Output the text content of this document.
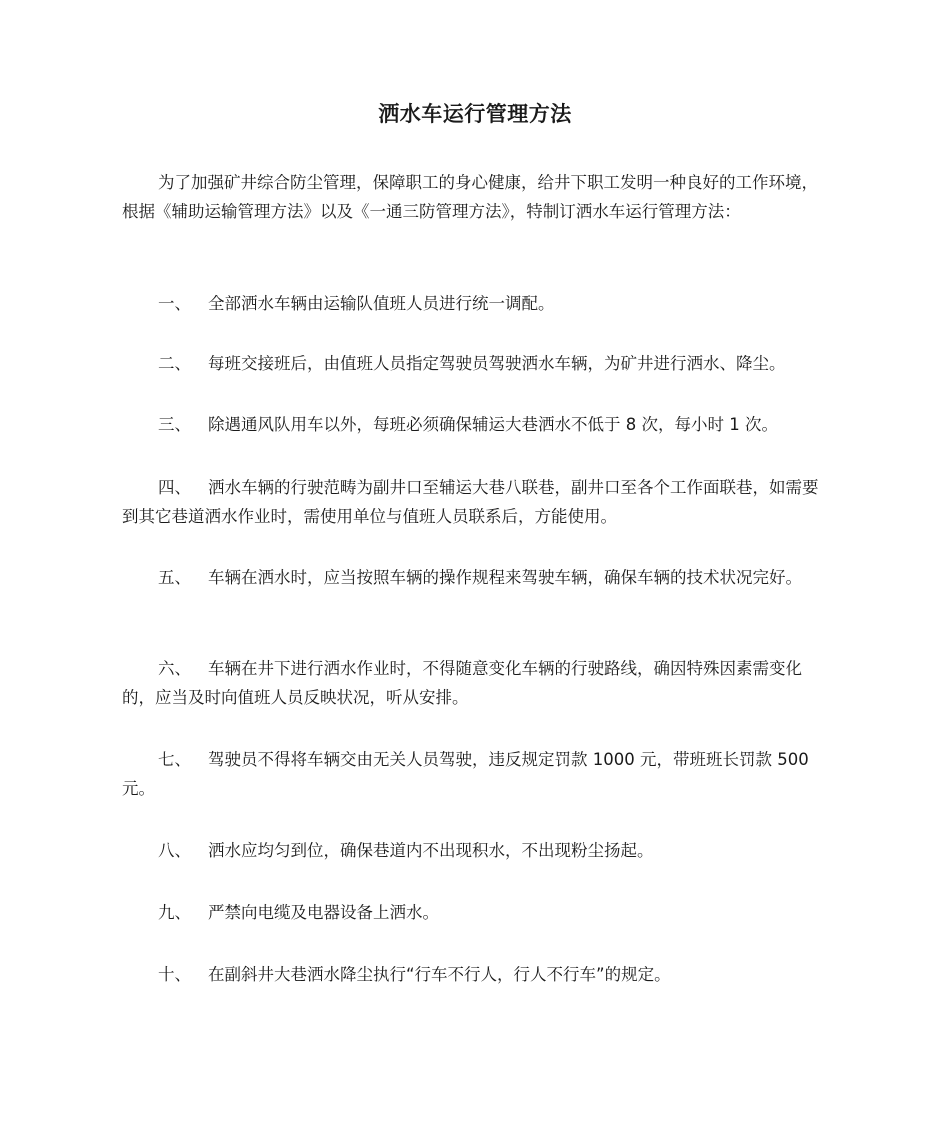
洒水车运行管理方法

为了加强矿井综合防尘管理，保障职工的身心健康，给井下职工发明一种良好的工作环境，根据《辅助运输管理方法》以及《一通三防管理方法》，特制订洒水车运行管理方法：

一、 全部洒水车辆由运输队值班人员进行统一调配。

二、 每班交接班后，由值班人员指定驾驶员驾驶洒水车辆，为矿井进行洒水、降尘。

三、 除遇通风队用车以外，每班必须确保辅运大巷洒水不低于 8 次，每小时 1 次。

四、 洒水车辆的行驶范畴为副井口至辅运大巷八联巷，副井口至各个工作面联巷，如需要到其它巷道洒水作业时，需使用单位与值班人员联系后，方能使用。

五、 车辆在洒水时，应当按照车辆的操作规程来驾驶车辆，确保车辆的技术状况完好。

六、 车辆在井下进行洒水作业时，不得随意变化车辆的行驶路线，确因特殊因素需变化的，应当及时向值班人员反映状况，听从安排。

七、 驾驶员不得将车辆交由无关人员驾驶，违反规定罚款 1000 元，带班班长罚款 500 元。

八、 洒水应均匀到位，确保巷道内不出现积水，不出现粉尘扬起。

九、 严禁向电缆及电器设备上洒水。

十、 在副斜井大巷洒水降尘执行“行车不行人，行人不行车”的规定。
